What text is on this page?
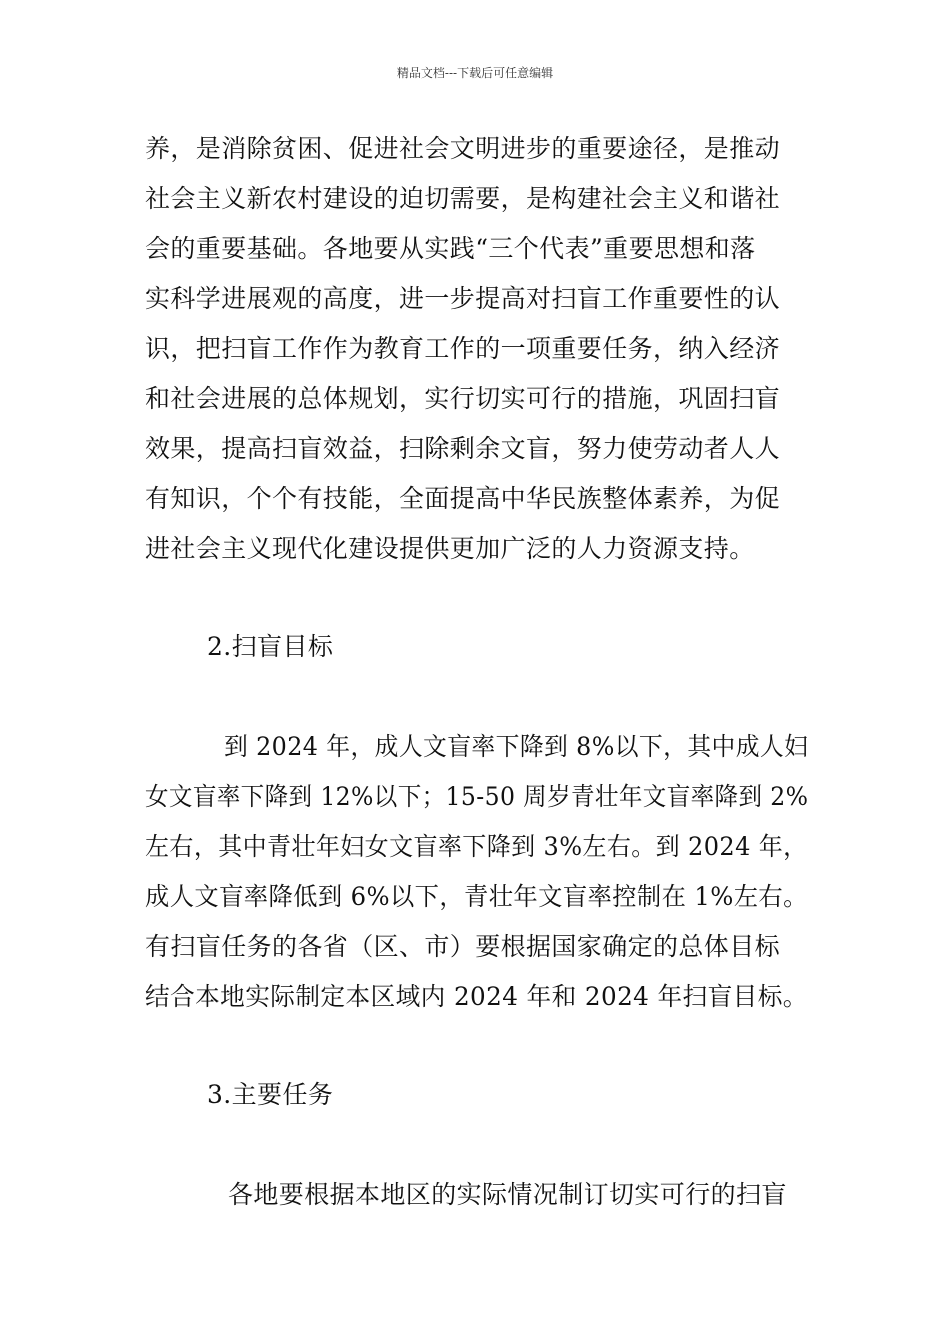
精品文档---下载后可任意编辑
养，是消除贫困、促进社会文明进步的重要途径，是推动
社会主义新农村建设的迫切需要，是构建社会主义和谐社
会的重要基础。各地要从实践“三个代表”重要思想和落
实科学进展观的高度，进一步提高对扫盲工作重要性的认
识，把扫盲工作作为教育工作的一项重要任务，纳入经济
和社会进展的总体规划，实行切实可行的措施，巩固扫盲
效果，提高扫盲效益，扫除剩余文盲，努力使劳动者人人
有知识，个个有技能，全面提高中华民族整体素养，为促
进社会主义现代化建设提供更加广泛的人力资源支持。
2.扫盲目标
到 2024 年，成人文盲率下降到 8%以下，其中成人妇
女文盲率下降到 12%以下；15-50 周岁青壮年文盲率降到 2%
左右，其中青壮年妇女文盲率下降到 3%左右。到 2024 年，
成人文盲率降低到 6%以下，青壮年文盲率控制在 1%左右。
有扫盲任务的各省（区、市）要根据国家确定的总体目标
结合本地实际制定本区域内 2024 年和 2024 年扫盲目标。
3.主要任务
各地要根据本地区的实际情况制订切实可行的扫盲
